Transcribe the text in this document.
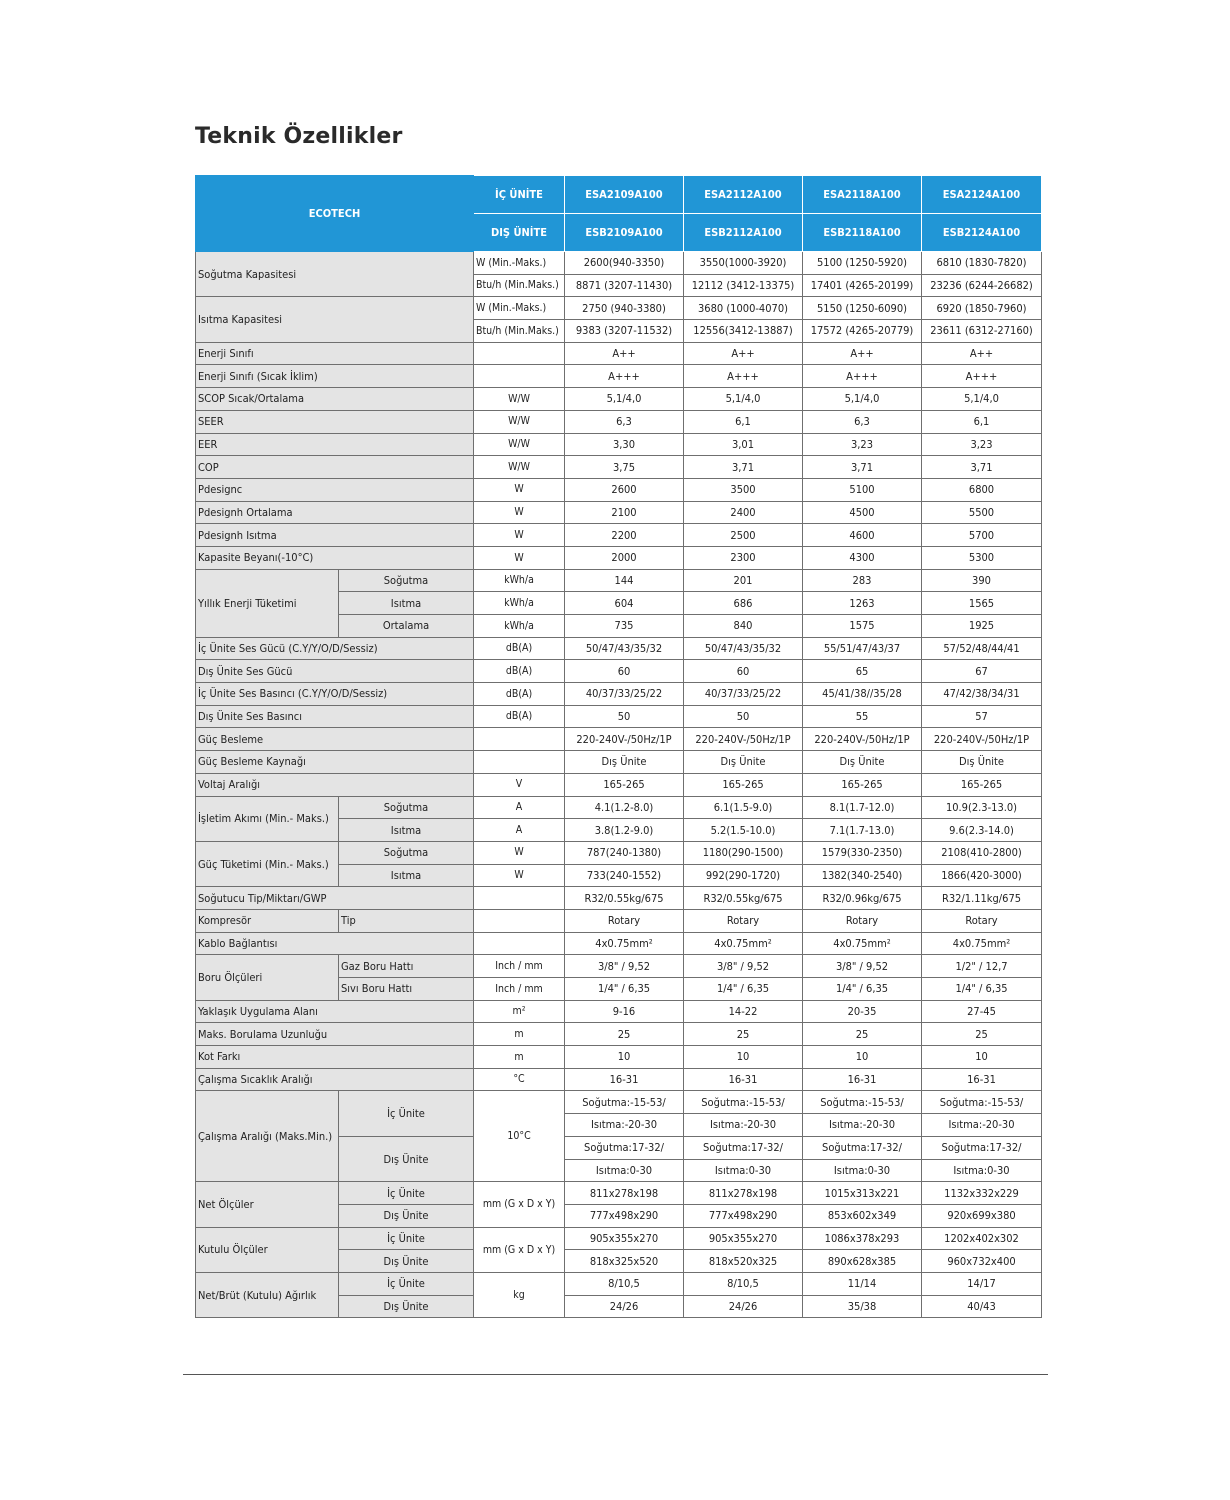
Teknik Özellikler
ECOTECH		İÇ ÜNİTE	ESA2109A100	ESA2112A100	ESA2118A100	ESA2124A100
		DIŞ ÜNİTE	ESB2109A100	ESB2112A100	ESB2118A100	ESB2124A100
Soğutma Kapasitesi		W (Min.-Maks.)	2600(940-3350)	3550(1000-3920)	5100 (1250-5920)	6810 (1830-7820)
		Btu/h (Min.Maks.)	8871 (3207-11430)	12112 (3412-13375)	17401 (4265-20199)	23236 (6244-26682)
Isıtma Kapasitesi		W (Min.-Maks.)	2750 (940-3380)	3680 (1000-4070)	5150 (1250-6090)	6920 (1850-7960)
		Btu/h (Min.Maks.)	9383 (3207-11532)	12556(3412-13887)	17572 (4265-20779)	23611 (6312-27160)
Enerji Sınıfı			A++	A++	A++	A++
Enerji Sınıfı (Sıcak İklim)			A+++	A+++	A+++	A+++
SCOP Sıcak/Ortalama		W/W	5,1/4,0	5,1/4,0	5,1/4,0	5,1/4,0
SEER		W/W	6,3	6,1	6,3	6,1
EER		W/W	3,30	3,01	3,23	3,23
COP		W/W	3,75	3,71	3,71	3,71
Pdesignc		W	2600	3500	5100	6800
Pdesignh Ortalama		W	2100	2400	4500	5500
Pdesignh Isıtma		W	2200	2500	4600	5700
Kapasite Beyanı(-10°C)		W	2000	2300	4300	5300
Yıllık Enerji Tüketimi	Soğutma	kWh/a	144	201	283	390
	Isıtma	kWh/a	604	686	1263	1565
	Ortalama	kWh/a	735	840	1575	1925
İç Ünite Ses Gücü (C.Y/Y/O/D/Sessiz)		dB(A)	50/47/43/35/32	50/47/43/35/32	55/51/47/43/37	57/52/48/44/41
Dış Ünite Ses Gücü		dB(A)	60	60	65	67
İç Ünite Ses Basıncı (C.Y/Y/O/D/Sessiz)		dB(A)	40/37/33/25/22	40/37/33/25/22	45/41/38//35/28	47/42/38/34/31
Dış Ünite Ses Basıncı		dB(A)	50	50	55	57
Güç Besleme			220-240V-/50Hz/1P	220-240V-/50Hz/1P	220-240V-/50Hz/1P	220-240V-/50Hz/1P
Güç Besleme Kaynağı			Dış Ünite	Dış Ünite	Dış Ünite	Dış Ünite
Voltaj Aralığı		V	165-265	165-265	165-265	165-265
İşletim Akımı (Min.- Maks.)	Soğutma	A	4.1(1.2-8.0)	6.1(1.5-9.0)	8.1(1.7-12.0)	10.9(2.3-13.0)
	Isıtma	A	3.8(1.2-9.0)	5.2(1.5-10.0)	7.1(1.7-13.0)	9.6(2.3-14.0)
Güç Tüketimi (Min.- Maks.)	Soğutma	W	787(240-1380)	1180(290-1500)	1579(330-2350)	2108(410-2800)
	Isıtma	W	733(240-1552)	992(290-1720)	1382(340-2540)	1866(420-3000)
Soğutucu Tip/Miktarı/GWP			R32/0.55kg/675	R32/0.55kg/675	R32/0.96kg/675	R32/1.11kg/675
Kompresör	Tip		Rotary	Rotary	Rotary	Rotary
Kablo Bağlantısı			4x0.75mm²	4x0.75mm²	4x0.75mm²	4x0.75mm²
Boru Ölçüleri	Gaz Boru Hattı	Inch / mm	3/8" / 9,52	3/8" / 9,52	3/8" / 9,52	1/2" / 12,7
	Sıvı Boru Hattı	Inch / mm	1/4" / 6,35	1/4" / 6,35	1/4" / 6,35	1/4" / 6,35
Yaklaşık Uygulama Alanı		m²	9-16	14-22	20-35	27-45
Maks. Borulama Uzunluğu		m	25	25	25	25
Kot Farkı		m	10	10	10	10
Çalışma Sıcaklık Aralığı		°C	16-31	16-31	16-31	16-31
Çalışma Aralığı (Maks.Min.)	İç Ünite	10°C	Soğutma:-15-53/	Soğutma:-15-53/	Soğutma:-15-53/	Soğutma:-15-53/
			Isıtma:-20-30	Isıtma:-20-30	Isıtma:-20-30	Isıtma:-20-30
	Dış Ünite		Soğutma:17-32/	Soğutma:17-32/	Soğutma:17-32/	Soğutma:17-32/
			Isıtma:0-30	Isıtma:0-30	Isıtma:0-30	Isıtma:0-30
Net Ölçüler	İç Ünite	mm (G x D x Y)	811x278x198	811x278x198	1015x313x221	1132x332x229
	Dış Ünite		777x498x290	777x498x290	853x602x349	920x699x380
Kutulu Ölçüler	İç Ünite	mm (G x D x Y)	905x355x270	905x355x270	1086x378x293	1202x402x302
	Dış Ünite		818x325x520	818x520x325	890x628x385	960x732x400
Net/Brüt (Kutulu) Ağırlık	İç Ünite	kg	8/10,5	8/10,5	11/14	14/17
	Dış Ünite		24/26	24/26	35/38	40/43
